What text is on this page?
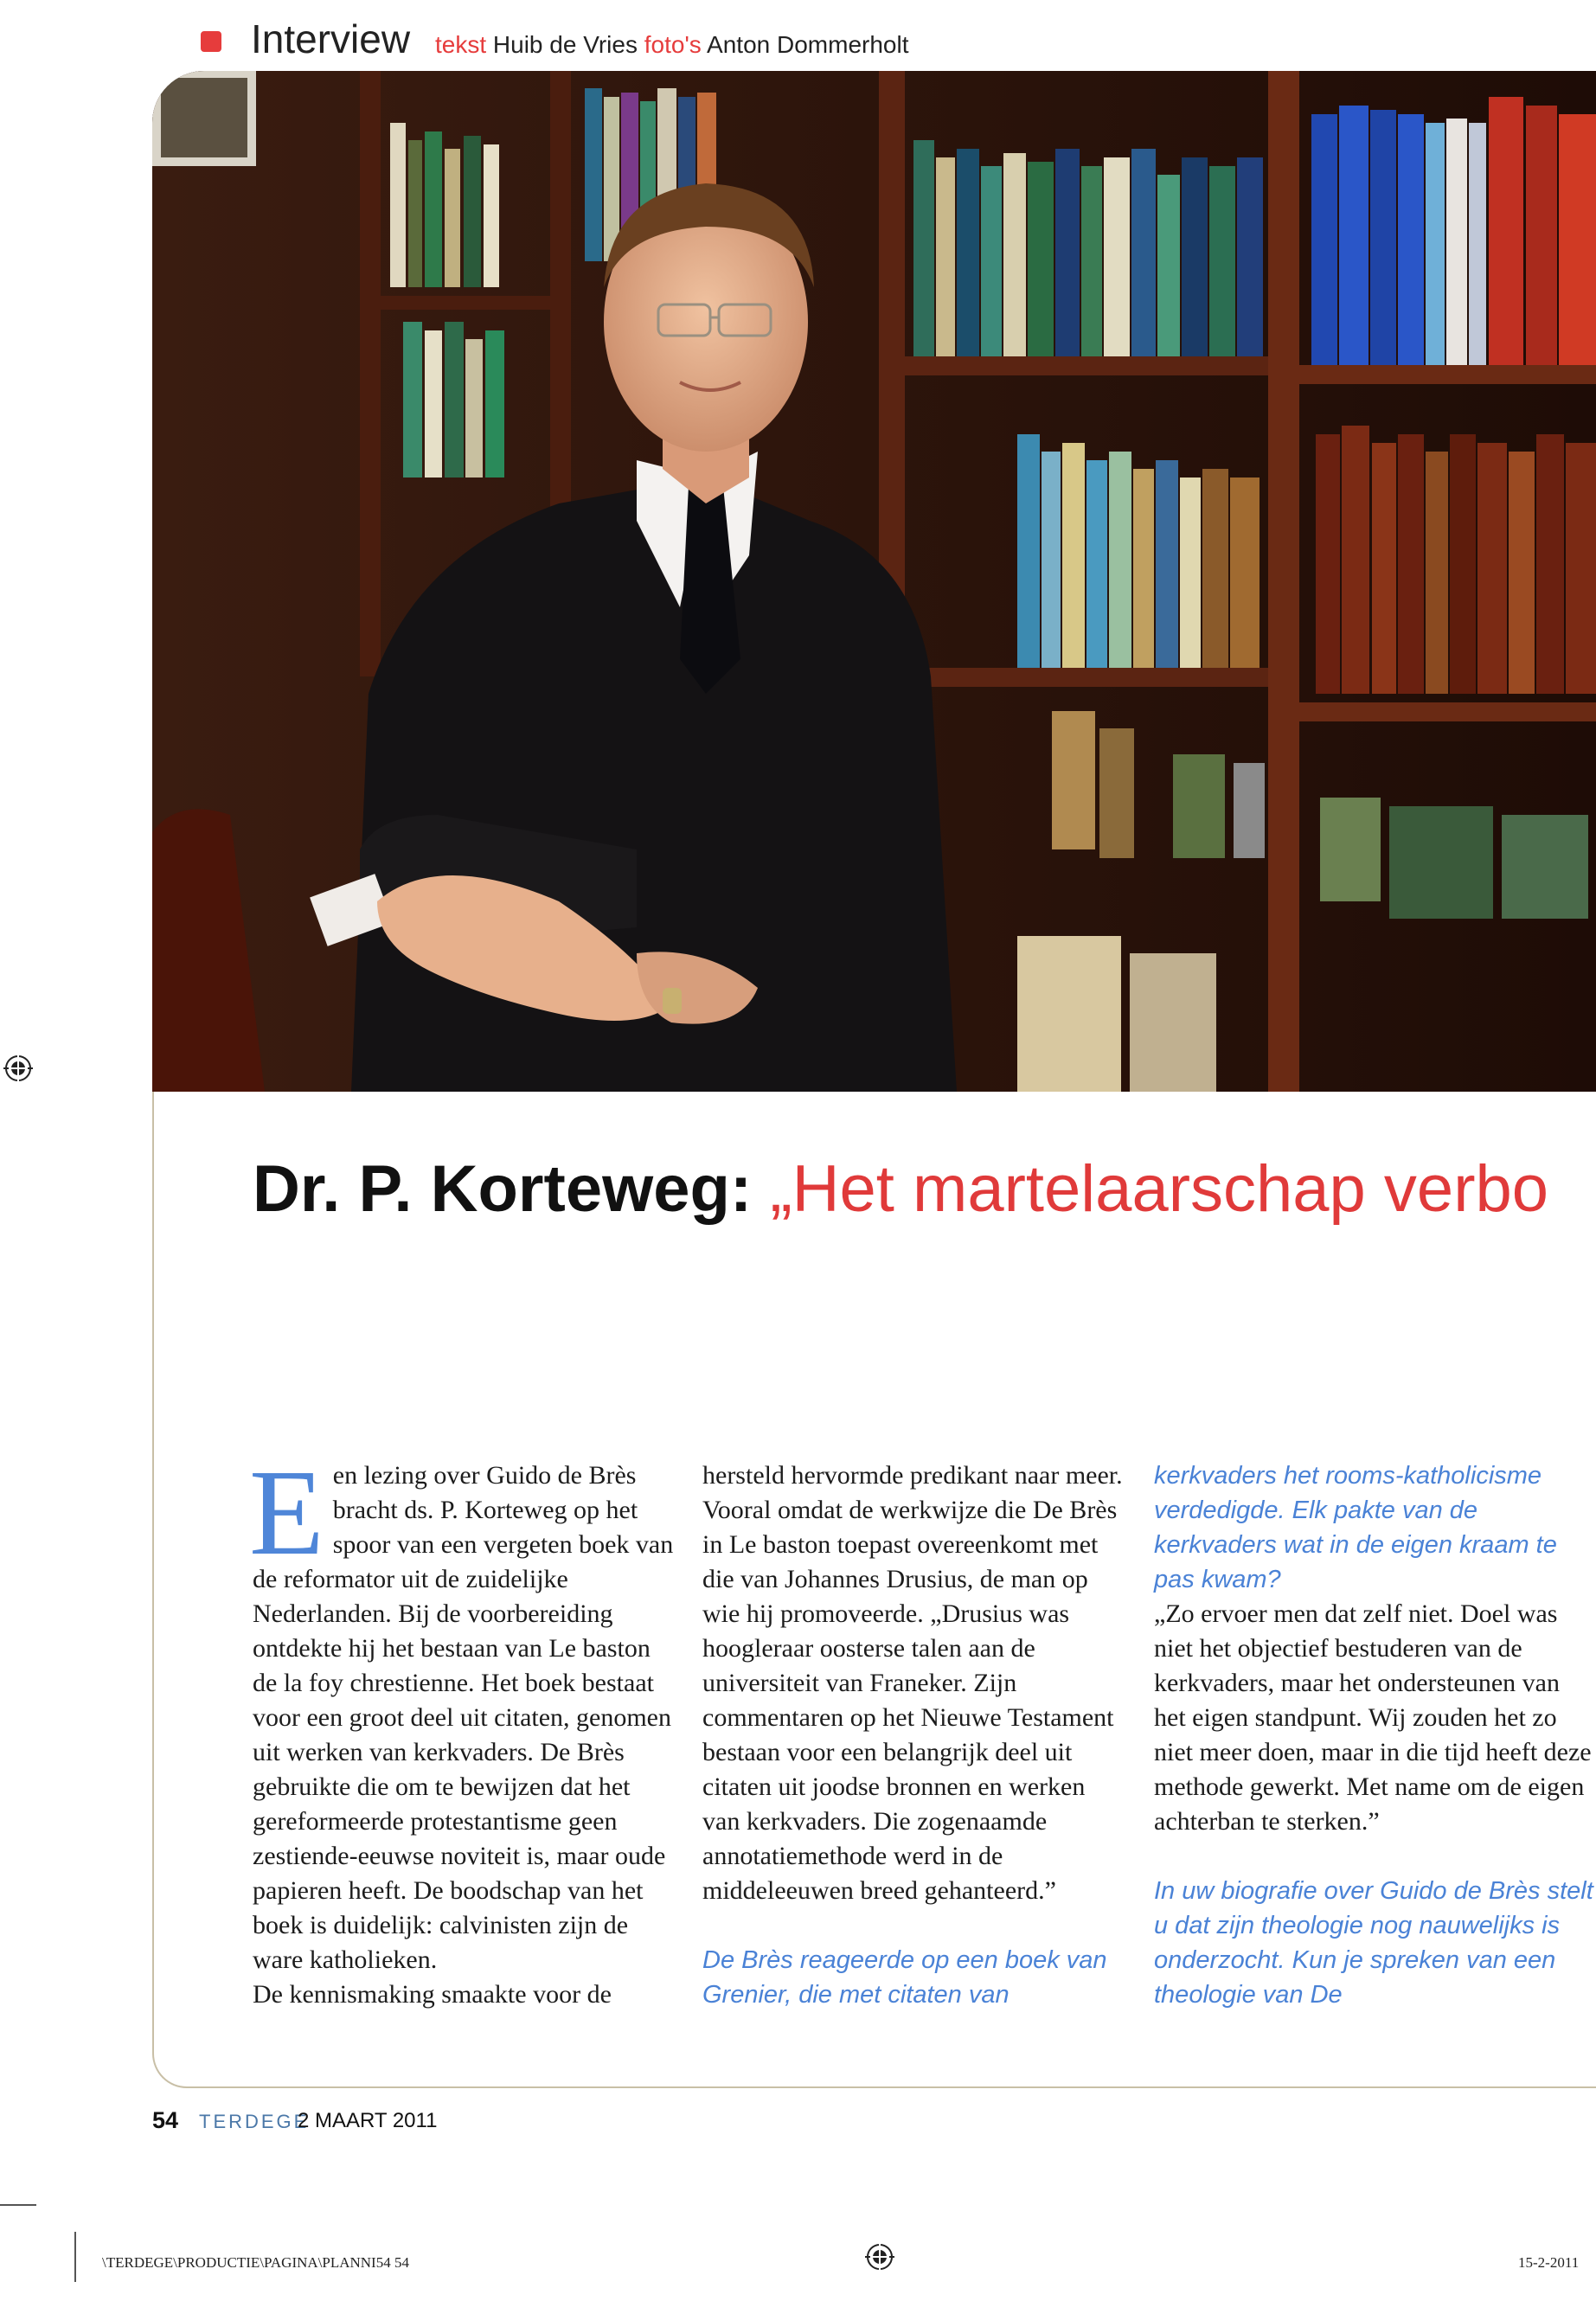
Interview tekst Huib de Vries foto's Anton Dommerholt
Dr. P. Korteweg: „Het martelaarschap verbo
E en lezing over Guido de Brès bracht ds. P. Korteweg op het spoor van een vergeten boek van de reformator uit de zuidelijke Nederlanden. Bij de voorbereiding ontdekte hij het bestaan van Le baston de la foy chrestienne. Het boek bestaat voor een groot deel uit citaten, genomen uit werken van kerkvaders. De Brès gebruikte die om te bewijzen dat het gereformeerde protestantisme geen zestiende-eeuwse noviteit is, maar oude papieren heeft. De boodschap van het boek is duidelijk: calvinisten zijn de ware katholieken.

De kennismaking smaakte voor de

hersteld hervormde predikant naar meer. Vooral omdat de werkwijze die De Brès in Le baston toepast overeenkomt met die van Johannes Drusius, de man op wie hij promoveerde. „Drusius was hoogleraar oosterse talen aan de universiteit van Franeker. Zijn commentaren op het Nieuwe Testament bestaan voor een belangrijk deel uit citaten uit joodse bronnen en werken van kerkvaders. Die zogenaamde annotatiemethode werd in de middeleeuwen breed gehanteerd.”

De Brès reageerde op een boek van Grenier, die met citaten van

kerkvaders het rooms-katholicisme verdedigde. Elk pakte van de kerkvaders wat in de eigen kraam te pas kwam?

„Zo ervoer men dat zelf niet. Doel was niet het objectief bestuderen van de kerkvaders, maar het ondersteunen van het eigen standpunt. Wij zouden het zo niet meer doen, maar in die tijd heeft deze methode gewerkt. Met name om de eigen achterban te sterken.”

In uw biografie over Guido de Brès stelt u dat zijn theologie nog nauwelijks is onderzocht. Kun je spreken van een theologie van De

54 TERDEGE
2 MAART 2011
\TERDEGE\PRODUCTIE\PAGINA\PLANNI54 54	15-2-2011
